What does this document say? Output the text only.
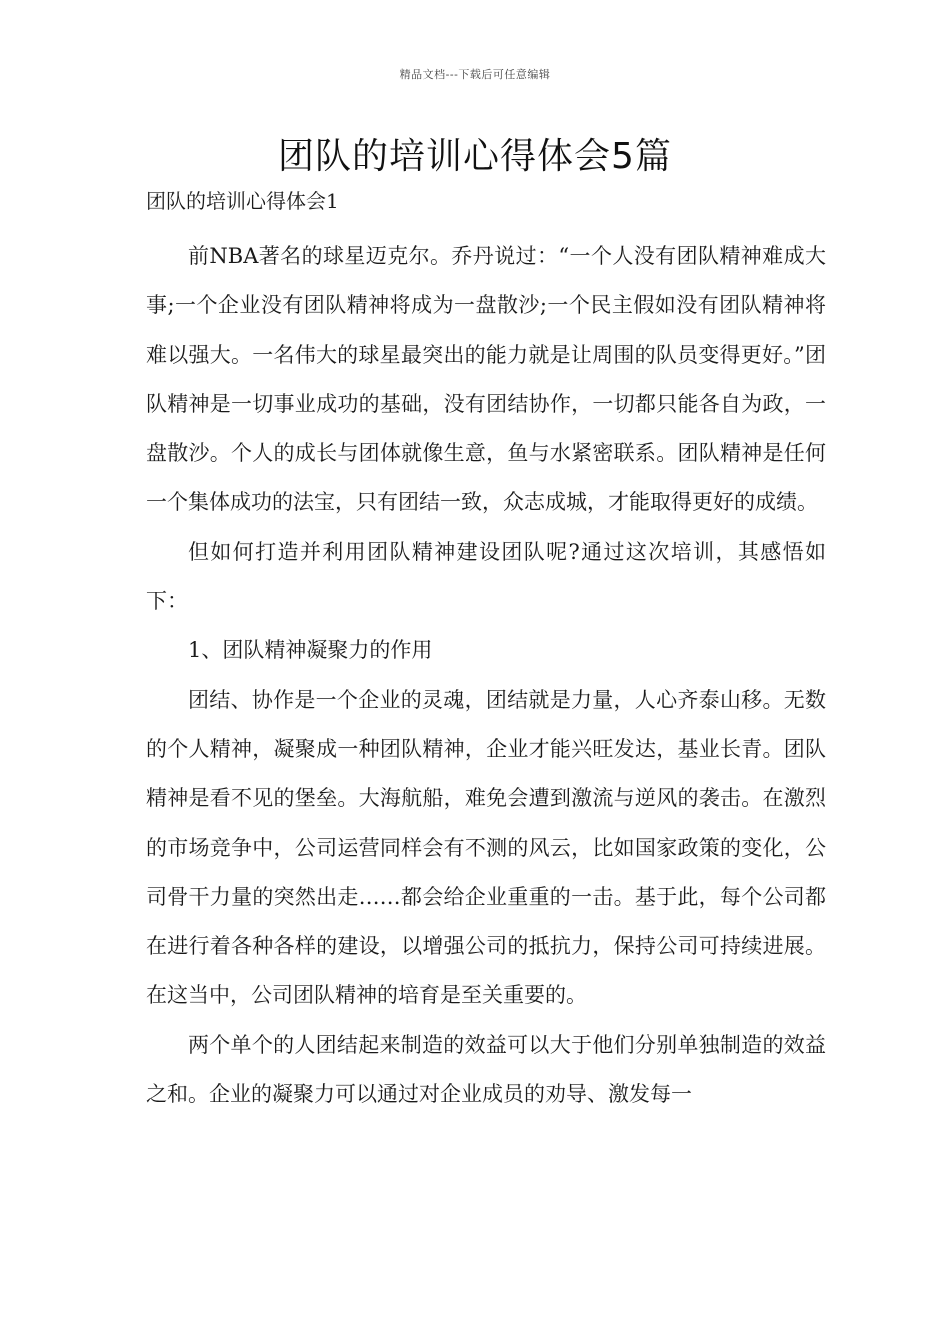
精品文档---下载后可任意编辑
团队的培训心得体会5篇

团队的培训心得体会1

前NBA著名的球星迈克尔。乔丹说过：“一个人没有团队精神难成大事;一个企业没有团队精神将成为一盘散沙;一个民主假如没有团队精神将难以强大。一名伟大的球星最突出的能力就是让周围的队员变得更好。”团队精神是一切事业成功的基础，没有团结协作，一切都只能各自为政，一盘散沙。个人的成长与团体就像生意，鱼与水紧密联系。团队精神是任何一个集体成功的法宝，只有团结一致，众志成城，才能取得更好的成绩。

但如何打造并利用团队精神建设团队呢?通过这次培训，其感悟如下：

1、团队精神凝聚力的作用

团结、协作是一个企业的灵魂，团结就是力量，人心齐泰山移。无数的个人精神，凝聚成一种团队精神，企业才能兴旺发达，基业长青。团队精神是看不见的堡垒。大海航船，难免会遭到激流与逆风的袭击。在激烈的市场竞争中，公司运营同样会有不测的风云，比如国家政策的变化，公司骨干力量的突然出走……都会给企业重重的一击。基于此，每个公司都在进行着各种各样的建设，以增强公司的抵抗力，保持公司可持续进展。在这当中，公司团队精神的培育是至关重要的。

两个单个的人团结起来制造的效益可以大于他们分别单独制造的效益之和。企业的凝聚力可以通过对企业成员的劝导、激发每一
